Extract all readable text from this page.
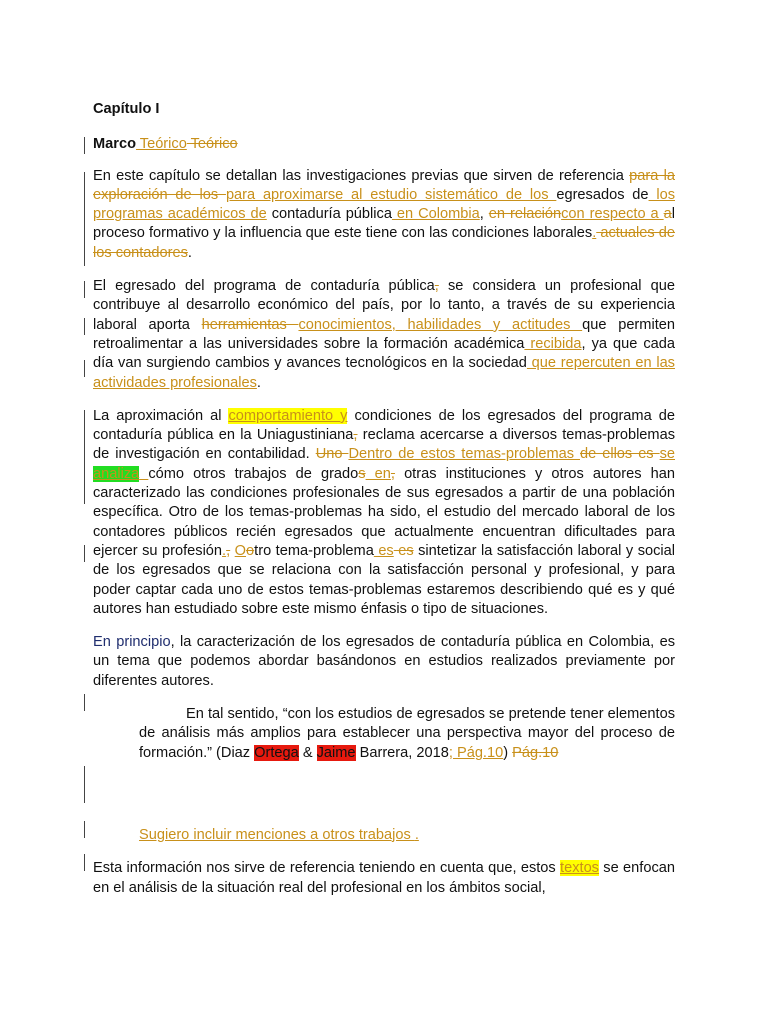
Capítulo I

Marco Teórico Teórico

En este capítulo se detallan las investigaciones previas que sirven de referencia para la exploración de los para aproximarse al estudio sistemático de los egresados de los programas académicos de contaduría pública en Colombia, en relacióncon respecto a al proceso formativo y la influencia que este tiene con las condiciones laborales. actuales de los contadores.

El egresado del programa de contaduría pública, se considera un profesional que contribuye al desarrollo económico del país, por lo tanto, a través de su experiencia laboral aporta herramientas conocimientos, habilidades y actitudes que permiten retroalimentar a las universidades sobre la formación académica recibida, ya que cada día van surgiendo cambios y avances tecnológicos en la sociedad que repercuten en las actividades profesionales.

La aproximación al comportamiento y condiciones de los egresados del programa de contaduría pública en la Uniagustiniana, reclama acercarse a diversos temas-problemas de investigación en contabilidad. Uno Dentro de estos temas-problemas de ellos es se analiza cómo otros trabajos de grados en, otras instituciones y otros autores han caracterizado las condiciones profesionales de sus egresados a partir de una población específica. Otro de los temas-problemas ha sido, el estudio del mercado laboral de los contadores públicos recién egresados que actualmente encuentran dificultades para ejercer su profesión., Ootro tema-problema es es sintetizar la satisfacción laboral y social de los egresados que se relaciona con la satisfacción personal y profesional, y para poder captar cada uno de estos temas-problemas estaremos describiendo qué es y qué autores han estudiado sobre este mismo énfasis o tipo de situaciones.

En principio, la caracterización de los egresados de contaduría pública en Colombia, es un tema que podemos abordar basándonos en estudios realizados previamente por diferentes autores.

En tal sentido, “con los estudios de egresados se pretende tener elementos de análisis más amplios para establecer una perspectiva mayor del proceso de formación.” (Diaz Ortega & Jaime Barrera, 2018; Pág.10) Pág.10

Sugiero incluir menciones a otros trabajos .

Esta información nos sirve de referencia teniendo en cuenta que, estos textos se enfocan en el análisis de la situación real del profesional en los ámbitos social,
